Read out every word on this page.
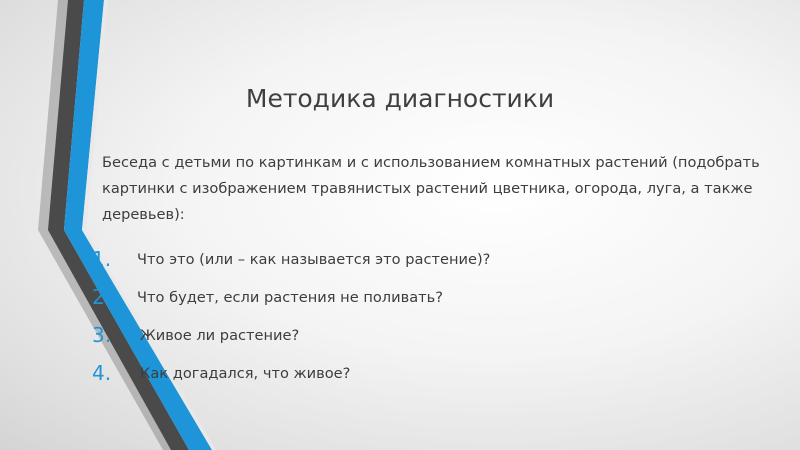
Методика диагностики

Беседа с детьми по картинкам и с использованием комнатных растений (подобрать картинки с изображением травянистых растений цветника, огорода, луга, а также деревьев):

1.	Что это (или – как называется это растение)?
2.	Что будет, если растения не поливать?
3.	Живое ли растение?
4.	Как догадался, что живое?
